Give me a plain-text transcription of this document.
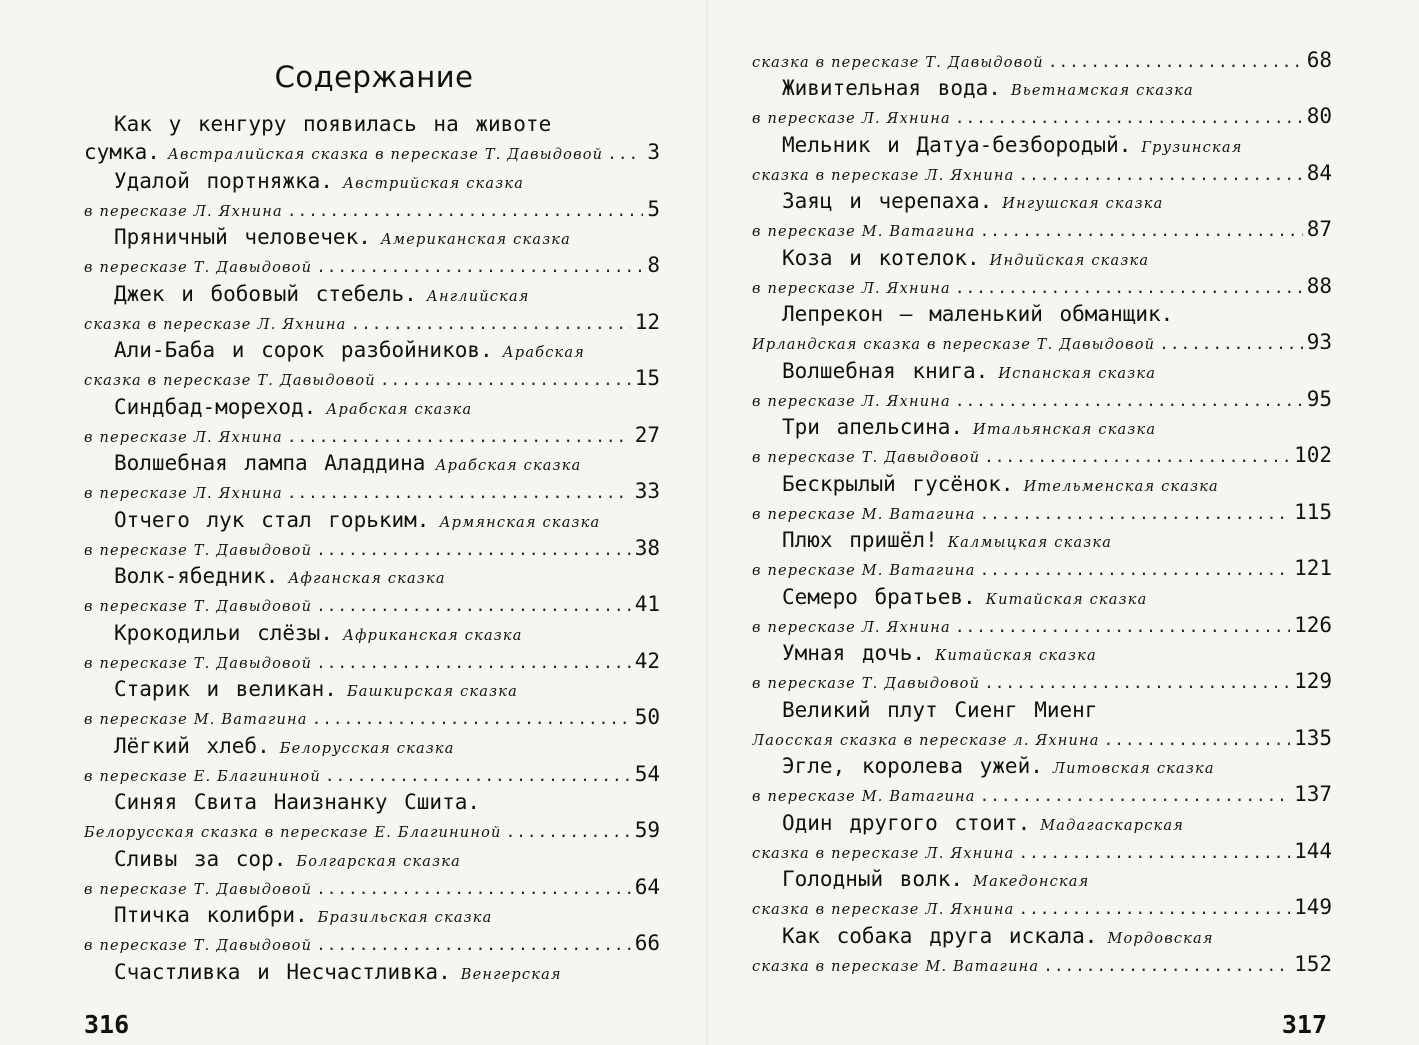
Содержание
Как у кенгуру появилась на животе
сумка. Австралийская сказка в пересказе Т. Давыдовой ..... 3
Удалой портняжка. Австрийская сказка
в пересказе Л. Яхнина .....	5
Пряничный человечек. Американская сказка
в пересказе Т. Давыдовой .....	8
Джек и бобовый стебель. Английская
сказка в пересказе Л. Яхнина .....	12
Али-Баба и сорок разбойников. Арабская
сказка в пересказе Т. Давыдовой .....	15
Синдбад-мореход. Арабская сказка
в пересказе Л. Яхнина .....	27
Волшебная лампа Аладдина Арабская сказка
в пересказе Л. Яхнина .....	33
Отчего лук стал горьким. Армянская сказка
в пересказе Т. Давыдовой .....	38
Волк-ябедник. Афганская сказка
в пересказе Т. Давыдовой .....	41
Крокодильи слёзы. Африканская сказка
в пересказе Т. Давыдовой .....	42
Старик и великан. Башкирская сказка
в пересказе М. Ватагина .....	50
Лёгкий хлеб. Белорусская сказка
в пересказе Е. Благининой .....	54
Синяя Свита Наизнанку Сшита.
Белорусская сказка в пересказе Е. Благининой .....	59
Сливы за сор. Болгарская сказка
в пересказе Т. Давыдовой .....	64
Птичка колибри. Бразильская сказка
в пересказе Т. Давыдовой .....	66
Счастливка и Несчастливка. Венгерская
316
сказка в пересказе Т. Давыдовой .....	68
Живительная вода. Вьетнамская сказка
в пересказе Л. Яхнина .....	80
Мельник и Датуа-безбородый. Грузинская
сказка в пересказе Л. Яхнина .....	84
Заяц и черепаха. Ингушская сказка
в пересказе М. Ватагина .....	87
Коза и котелок. Индийская сказка
в пересказе Л. Яхнина .....	88
Лепрекон – маленький обманщик.
Ирландская сказка в пересказе Т. Давыдовой .....	93
Волшебная книга. Испанская сказка
в пересказе Л. Яхнина .....	95
Три апельсина. Итальянская сказка
в пересказе Т. Давыдовой .....	102
Бескрылый гусёнок. Ительменская сказка
в пересказе М. Ватагина .....	115
Плюх пришёл! Калмыцкая сказка
в пересказе М. Ватагина .....	121
Семеро братьев. Китайская сказка
в пересказе Л. Яхнина .....	126
Умная дочь. Китайская сказка
в пересказе Т. Давыдовой .....	129
Великий плут Сиенг Миенг
Лаосская сказка в пересказе л. Яхнина .....	135
Эгле, королева ужей. Литовская сказка
в пересказе М. Ватагина .....	137
Один другого стоит. Мадагаскарская
сказка в пересказе Л. Яхнина .....	144
Голодный волк. Македонская
сказка в пересказе Л. Яхнина .....	149
Как собака друга искала. Мордовская
сказка в пересказе М. Ватагина .....	152
317
